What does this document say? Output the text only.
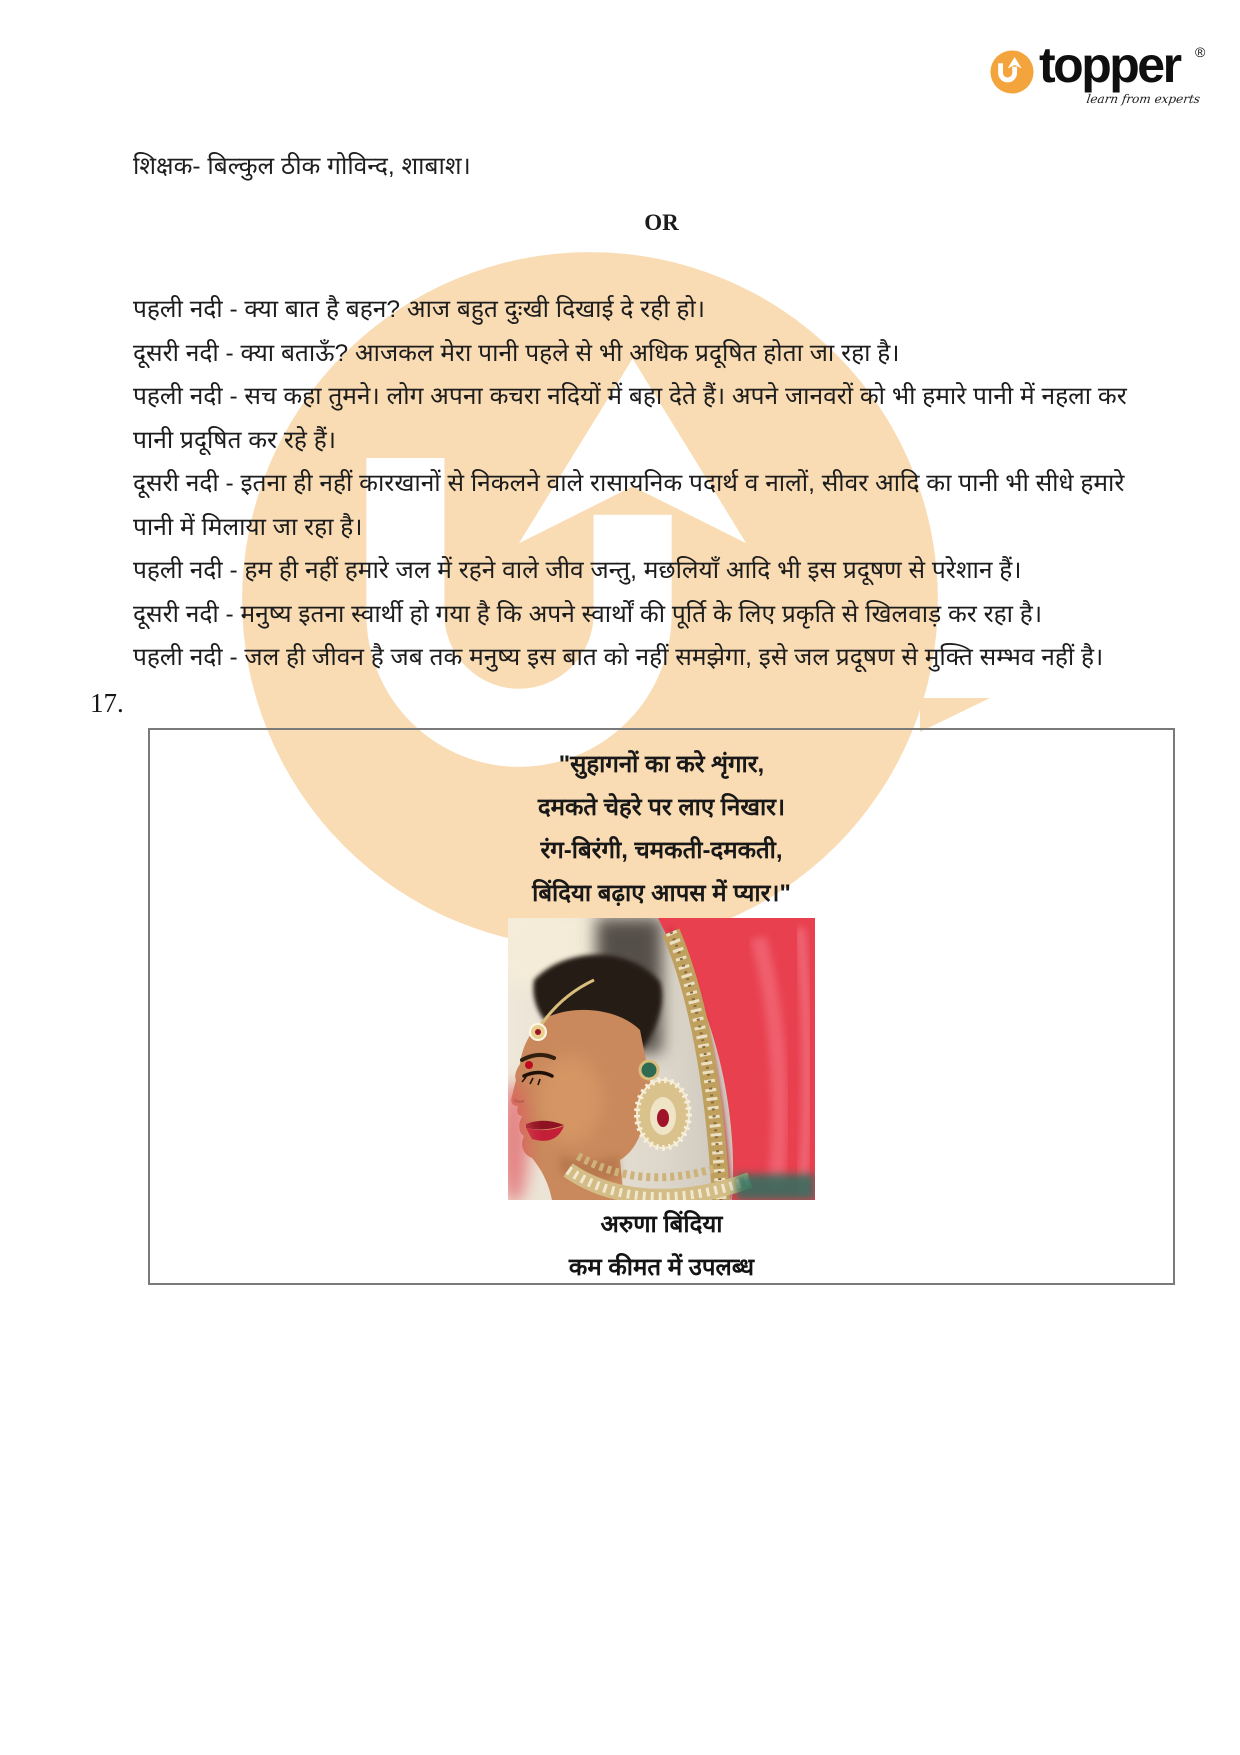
topper ®
learn from experts
शिक्षक- बिल्कुल ठीक गोविन्द, शाबाश।
OR
पहली नदी - क्या बात है बहन? आज बहुत दुःखी दिखाई दे रही हो।
दूसरी नदी - क्या बताऊँ? आजकल मेरा पानी पहले से भी अधिक प्रदूषित होता जा रहा है।
पहली नदी - सच कहा तुमने। लोग अपना कचरा नदियों में बहा देते हैं। अपने जानवरों को भी हमारे पानी में नहला कर
पानी प्रदूषित कर रहे हैं।
दूसरी नदी - इतना ही नहीं कारखानों से निकलने वाले रासायनिक पदार्थ व नालों, सीवर आदि का पानी भी सीधे हमारे
पानी में मिलाया जा रहा है।
पहली नदी - हम ही नहीं हमारे जल में रहने वाले जीव जन्तु, मछलियाँ आदि भी इस प्रदूषण से परेशान हैं।
दूसरी नदी - मनुष्य इतना स्वार्थी हो गया है कि अपने स्वार्थों की पूर्ति के लिए प्रकृति से खिलवाड़ कर रहा है।
पहली नदी - जल ही जीवन है जब तक मनुष्य इस बात को नहीं समझेगा, इसे जल प्रदूषण से मुक्ति सम्भव नहीं है।
17.
"सुहागनों का करे शृंगार,
दमकते चेहरे पर लाए निखार।
रंग-बिरंगी, चमकती-दमकती,
बिंदिया बढ़ाए आपस में प्यार।"
अरुणा बिंदिया
कम कीमत में उपलब्ध
